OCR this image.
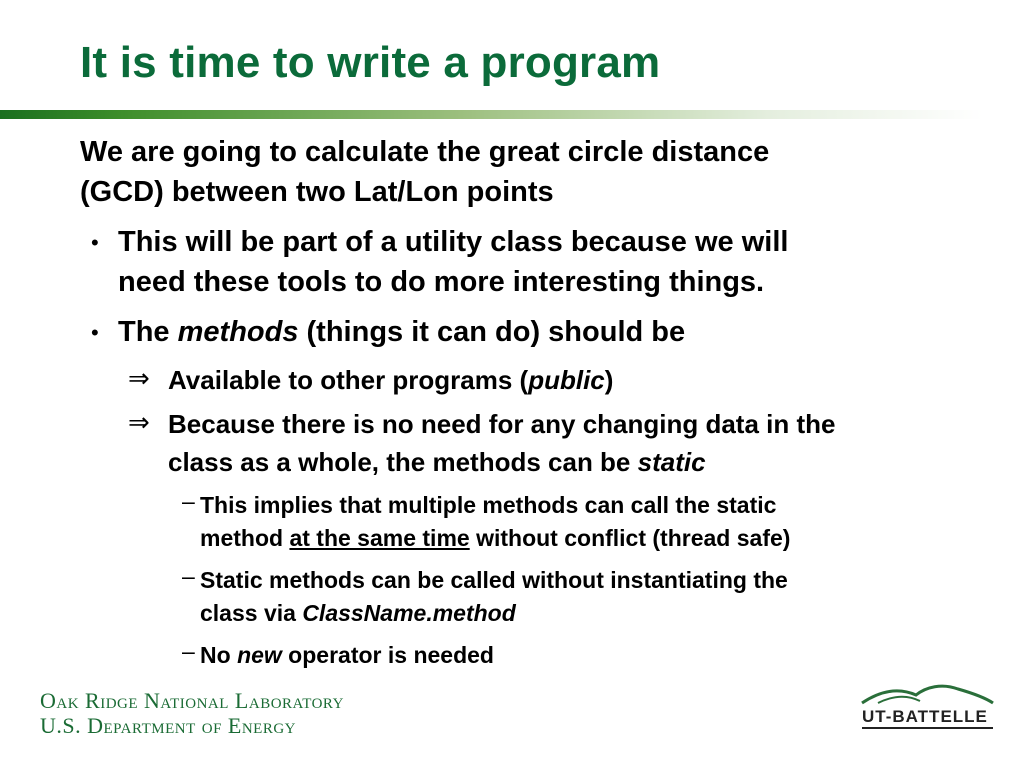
It is time to write a program
We are going to calculate the great circle distance
(GCD) between two Lat/Lon points
• This will be part of a utility class because we will
need these tools to do more interesting things.
• The methods (things it can do) should be
⇒ Available to other programs (public)
⇒ Because there is no need for any changing data in the
class as a whole, the methods can be static
– This implies that multiple methods can call the static
method at the same time without conflict (thread safe)
– Static methods can be called without instantiating the
class via ClassName.method
– No new operator is needed
Oak Ridge National Laboratory
U.S. Department of Energy	UT-BATTELLE
